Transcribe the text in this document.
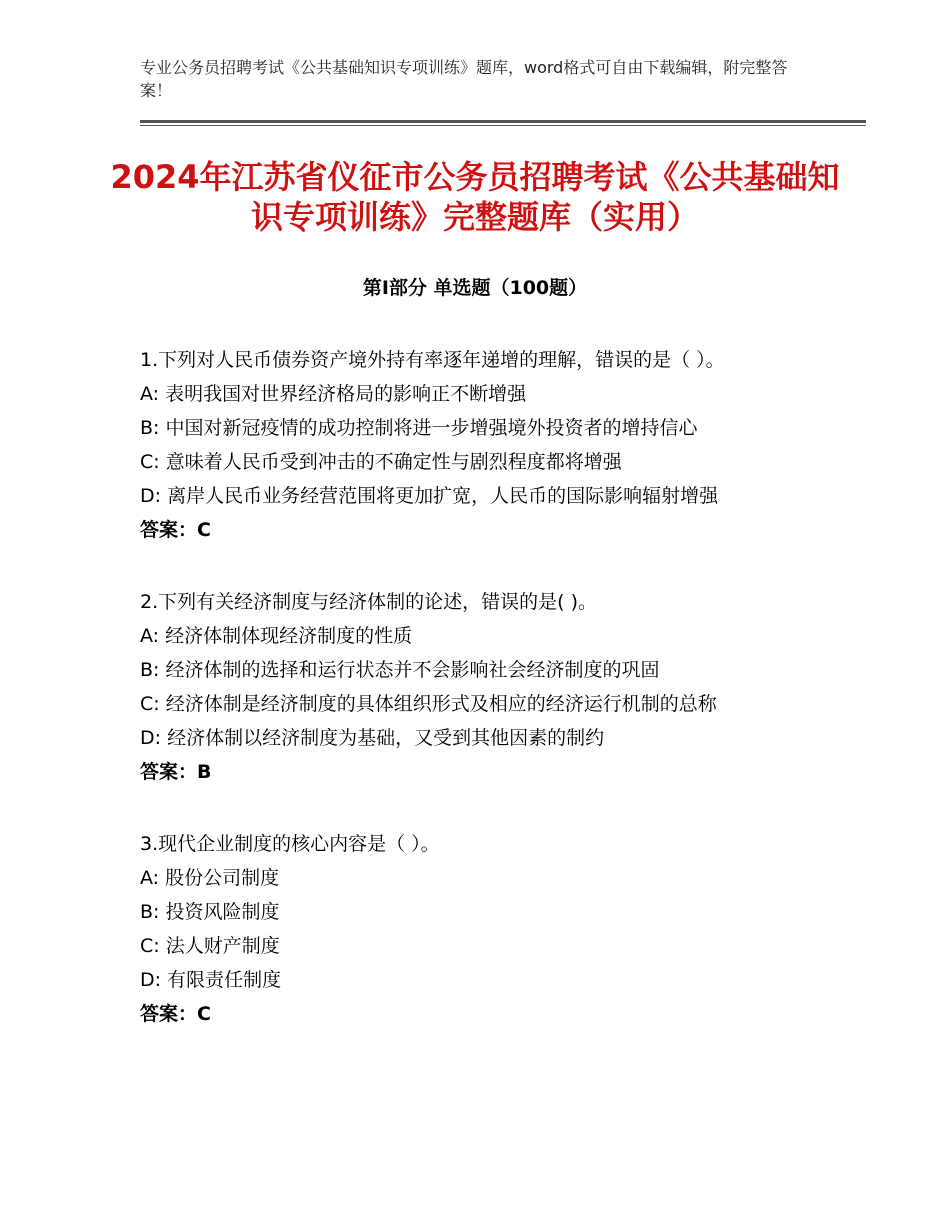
专业公务员招聘考试《公共基础知识专项训练》题库，word格式可自由下载编辑，附完整答案！
2024年江苏省仪征市公务员招聘考试《公共基础知识专项训练》完整题库（实用）
第Ⅰ部分 单选题（100题）

1.下列对人民币债券资产境外持有率逐年递增的理解，错误的是（ ）。

A: 表明我国对世界经济格局的影响正不断增强

B: 中国对新冠疫情的成功控制将进一步增强境外投资者的增持信心

C: 意味着人民币受到冲击的不确定性与剧烈程度都将增强

D: 离岸人民币业务经营范围将更加扩宽，人民币的国际影响辐射增强

答案：C

2.下列有关经济制度与经济体制的论述，错误的是( )。

A: 经济体制体现经济制度的性质

B: 经济体制的选择和运行状态并不会影响社会经济制度的巩固

C: 经济体制是经济制度的具体组织形式及相应的经济运行机制的总称

D: 经济体制以经济制度为基础，又受到其他因素的制约

答案：B

3.现代企业制度的核心内容是（ ）。

A: 股份公司制度

B: 投资风险制度

C: 法人财产制度

D: 有限责任制度

答案：C
